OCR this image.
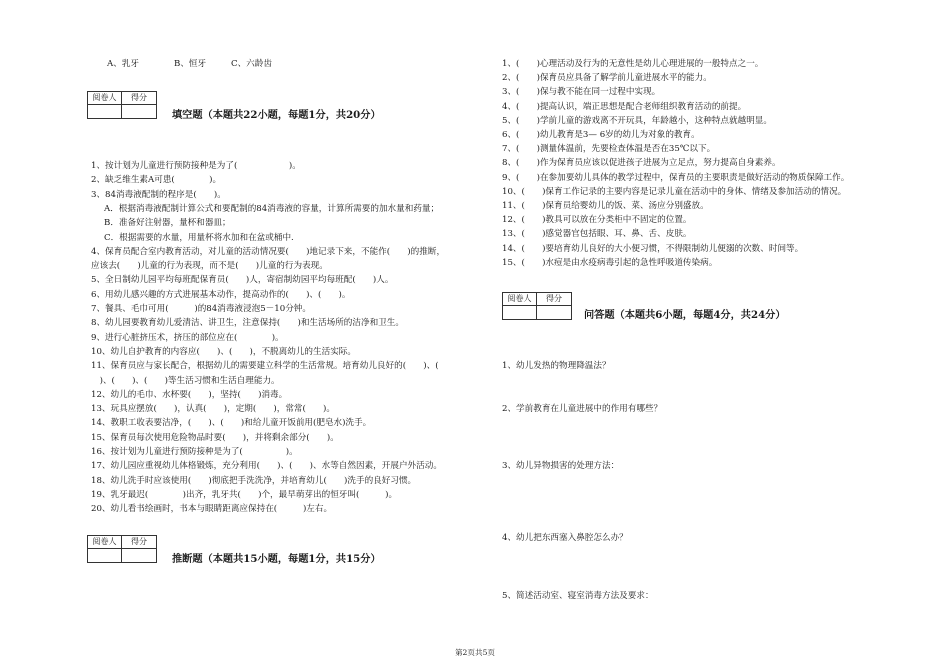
A、乳牙	B、恒牙	C、六龄齿
阅卷人	得分
填空题（本题共22小题，每题1分，共20分）
1、按计划为儿童进行预防接种是为了(　　　　　　)。
2、缺乏维生素A可患(　　　　)。
3、84消毒液配制的程序是(　　)。
A．根据消毒液配制计算公式和要配制的84消毒液的容量，计算所需要的加水量和药量；
B．准备好注射器，量杯和器皿；
C．根据需要的水量，用量杯将水加和在盆或桶中.
4、保育员配合室内教育活动，对儿童的活动情况要(　　)地记录下来，不能作(　　)的推断，
应该去(　　)儿童的行为表现，而不是(　　)儿童的行为表现。
5、全日制幼儿园平均每班配保育员(　　)人，寄宿制幼园平均每班配(　　)人。
6、用幼儿感兴趣的方式进展基本动作，提高动作的(　　)、(　　)。
7、餐具、毛巾可用(　　　)的84消毒液浸泡5－10分钟。
8、幼儿园要教育幼儿爱清洁、讲卫生，注意保持(　　)和生活场所的洁净和卫生。
9、进行心脏挤压术，挤压的部位应在(　　　　)。
10、幼儿自护教育的内容应(　　)、(　　)，不脱离幼儿的生活实际。
11、保育员应与家长配合，根据幼儿的需要建立科学的生活常规。培育幼儿良好的(　　)、(
　)、(　　)、(　　)等生活习惯和生活自理能力。
12、幼儿的毛巾、水杯要(　　)，坚持(　　)消毒。
13、玩具应摆放(　　)，认真(　　)，定期(　　)，常常(　　)。
14、教职工收表要洁净，(　　)、(　　)和给儿童开饭前用(肥皂水)洗手。
15、保育员每次使用危险物品时要(　　)，并将剩余部分(　　)。
16、按计划为儿童进行预防接种是为了(　　　　　)。
17、幼儿园应重视幼儿体格锻炼，充分利用(　　)、(　　)、水等自然因素，开展户外活动。
18、幼儿洗手时应该使用(　　)彻底把手洗洗净，并培育幼儿(　　)洗手的良好习惯。
19、乳牙最迟(　　　　)出齐，乳牙共(　　)个，最早萌芽出的恒牙叫(　　　)。
20、幼儿看书绘画时，书本与眼睛距离应保持在(　　　)左右。
阅卷人	得分
推断题（本题共15小题，每题1分，共15分）
1、(　　)心理活动及行为的无意性是幼儿心理进展的一般特点之一。
2、(　　)保育员应具备了解学前儿童进展水平的能力。
3、(　　)保与教不能在同一过程中实现。
4、(　　)提高认识，端正思想是配合老师组织教育活动的前提。
5、(　　)学前儿童的游戏离不开玩具，年龄越小，这种特点就越明显。
6、(　　)幼儿教育是3— 6岁的幼儿为对象的教育。
7、(　　)测量体温前，先要检查体温是否在35℃以下。
8、(　　)作为保育员应该以促进孩子进展为立足点，努力提高自身素养。
9、(　　)在参加要幼儿具体的教学过程中，保育员的主要职责是做好活动的物质保障工作。
10、(　　)保育工作记录的主要内容是记录儿童在活动中的身体、情绪及参加活动的情况。
11、(　　)保育员给婴幼儿的饭、菜、汤应分别盛放。
12、(　　)教具可以放在分类柜中不固定的位置。
13、(　　)感觉器官包括眼、耳、鼻、舌、皮肤。
14、(　　)要培育幼儿良好的大小便习惯，不得限制幼儿便溺的次数、时间等。
15、(　　)水痘是由水疫病毒引起的急性呼吸道传染病。
阅卷人	得分
问答题（本题共6小题，每题4分，共24分）
1、幼儿发热的物理降温法？
2、学前教育在儿童进展中的作用有哪些？
3、幼儿异物损害的处理方法：
4、幼儿把东西塞入鼻腔怎么办？
5、简述活动室、寝室消毒方法及要求：
第2页共5页
